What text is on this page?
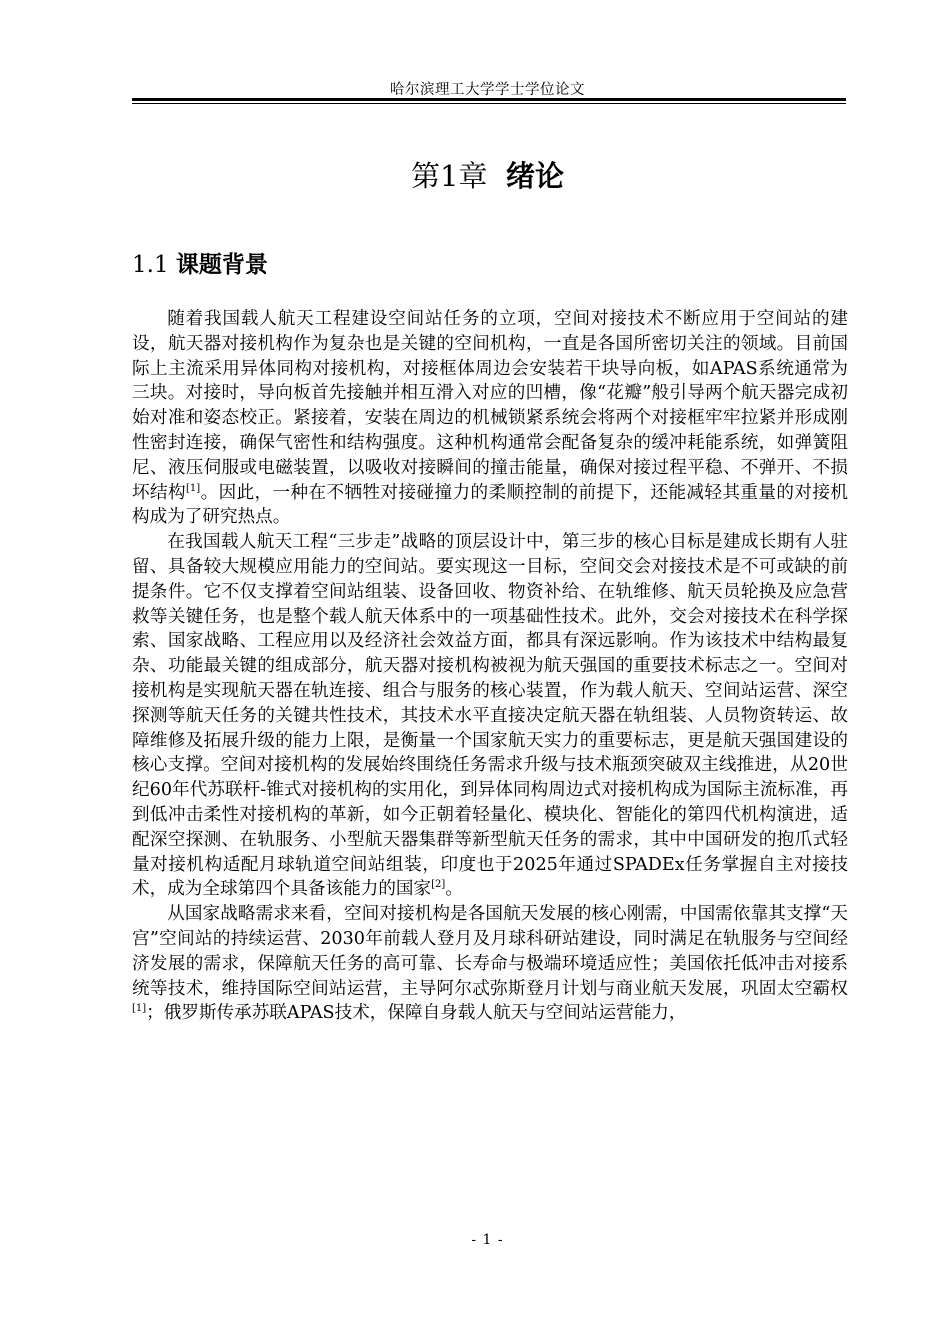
哈尔滨理工大学学士学位论文
第1章 绪论
1.1 课题背景

随着我国载人航天工程建设空间站任务的立项，空间对接技术不断应用于空间站的建设，航天器对接机构作为复杂也是关键的空间机构，一直是各国所密切关注的领域。目前国际上主流采用异体同构对接机构，对接框体周边会安装若干块导向板，如APAS系统通常为三块。对接时，导向板首先接触并相互滑入对应的凹槽，像“花瓣”般引导两个航天器完成初始对准和姿态校正。紧接着，安装在周边的机械锁紧系统会将两个对接框牢牢拉紧并形成刚性密封连接，确保气密性和结构强度。这种机构通常会配备复杂的缓冲耗能系统，如弹簧阻尼、液压伺服或电磁装置，以吸收对接瞬间的撞击能量，确保对接过程平稳、不弹开、不损坏结构[1]。因此，一种在不牺牲对接碰撞力的柔顺控制的前提下，还能减轻其重量的对接机构成为了研究热点。

在我国载人航天工程“三步走”战略的顶层设计中，第三步的核心目标是建成长期有人驻留、具备较大规模应用能力的空间站。要实现这一目标，空间交会对接技术是不可或缺的前提条件。它不仅支撑着空间站组装、设备回收、物资补给、在轨维修、航天员轮换及应急营救等关键任务，也是整个载人航天体系中的一项基础性技术。此外，交会对接技术在科学探索、国家战略、工程应用以及经济社会效益方面，都具有深远影响。作为该技术中结构最复杂、功能最关键的组成部分，航天器对接机构被视为航天强国的重要技术标志之一。空间对接机构是实现航天器在轨连接、组合与服务的核心装置，作为载人航天、空间站运营、深空探测等航天任务的关键共性技术，其技术水平直接决定航天器在轨组装、人员物资转运、故障维修及拓展升级的能力上限，是衡量一个国家航天实力的重要标志，更是航天强国建设的核心支撑。空间对接机构的发展始终围绕任务需求升级与技术瓶颈突破双主线推进，从20世纪60年代苏联杆-锥式对接机构的实用化，到异体同构周边式对接机构成为国际主流标准，再到低冲击柔性对接机构的革新，如今正朝着轻量化、模块化、智能化的第四代机构演进，适配深空探测、在轨服务、小型航天器集群等新型航天任务的需求，其中中国研发的抱爪式轻量对接机构适配月球轨道空间站组装，印度也于2025年通过SPADEx任务掌握自主对接技术，成为全球第四个具备该能力的国家[2]。

从国家战略需求来看，空间对接机构是各国航天发展的核心刚需，中国需依靠其支撑“天宫”空间站的持续运营、2030年前载人登月及月球科研站建设，同时满足在轨服务与空间经济发展的需求，保障航天任务的高可靠、长寿命与极端环境适应性；美国依托低冲击对接系统等技术，维持国际空间站运营，主导阿尔忒弥斯登月计划与商业航天发展，巩固太空霸权[1]；俄罗斯传承苏联APAS技术，保障自身载人航天与空间站运营能力，

- 1 -
